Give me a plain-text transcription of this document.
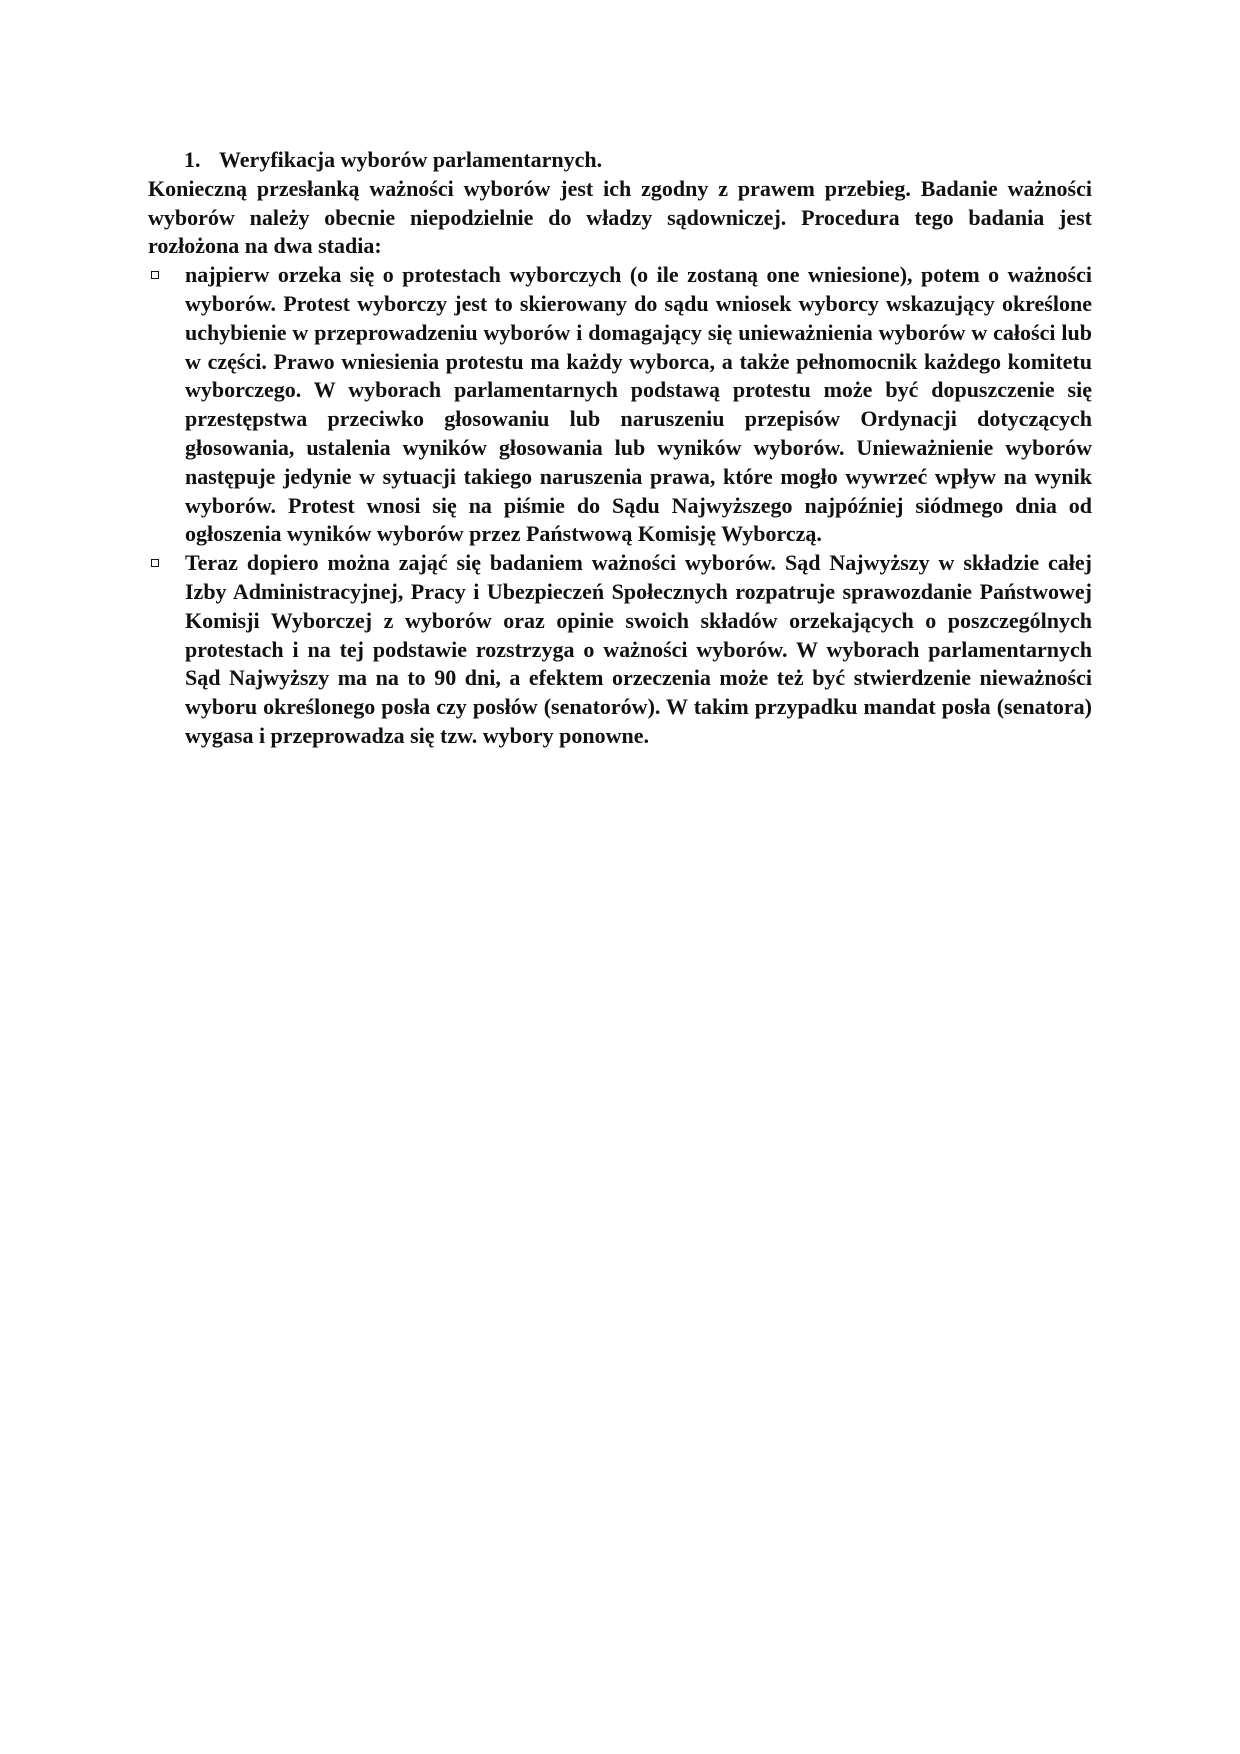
1. Weryfikacja wyborów parlamentarnych.

Konieczną przesłanką ważności wyborów jest ich zgodny z prawem przebieg. Badanie ważności wyborów należy obecnie niepodzielnie do władzy sądowniczej. Procedura tego badania jest rozłożona na dwa stadia:

najpierw orzeka się o protestach wyborczych (o ile zostaną one wniesione), potem o ważności wyborów. Protest wyborczy jest to skierowany do sądu wniosek wyborcy wskazujący określone uchybienie w przeprowadzeniu wyborów i domagający się unieważnienia wyborów w całości lub w części. Prawo wniesienia protestu ma każdy wyborca, a także pełnomocnik każdego komitetu wyborczego. W wyborach parlamentarnych podstawą protestu może być dopuszczenie się przestępstwa przeciwko głosowaniu lub naruszeniu przepisów Ordynacji dotyczących głosowania, ustalenia wyników głosowania lub wyników wyborów. Unieważnienie wyborów następuje jedynie w sytuacji takiego naruszenia prawa, które mogło wywrzeć wpływ na wynik wyborów. Protest wnosi się na piśmie do Sądu Najwyższego najpóźniej siódmego dnia od ogłoszenia wyników wyborów przez Państwową Komisję Wyborczą.
Teraz dopiero można zająć się badaniem ważności wyborów. Sąd Najwyższy w składzie całej Izby Administracyjnej, Pracy i Ubezpieczeń Społecznych rozpatruje sprawozdanie Państwowej Komisji Wyborczej z wyborów oraz opinie swoich składów orzekających o poszczególnych protestach i na tej podstawie rozstrzyga o ważności wyborów. W wyborach parlamentarnych Sąd Najwyższy ma na to 90 dni, a efektem orzeczenia może też być stwierdzenie nieważności wyboru określonego posła czy posłów (senatorów). W takim przypadku mandat posła (senatora) wygasa i przeprowadza się tzw. wybory ponowne.
